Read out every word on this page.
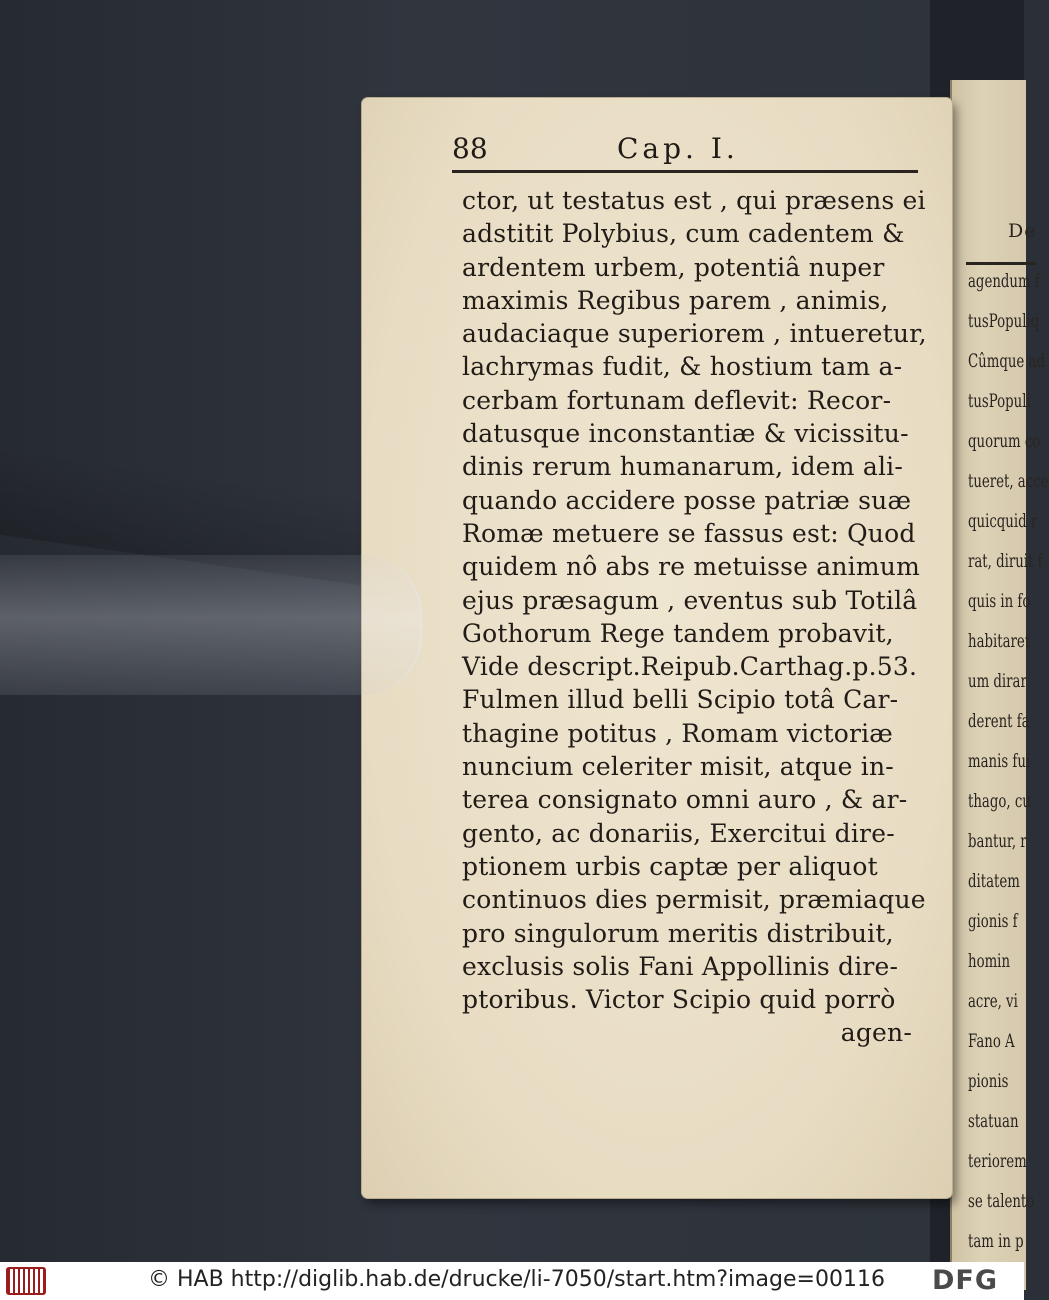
De
agendum f
tusPopuliq
Cûmque ad
tusPopuli
quorum co
tueret, acce
quicquid r
rat, diruit f
quis in fo
habitaret
um dirar
derent fa
manis fui
thago, cu
bantur, r
ditatem
gionis f
homin
acre, vi
Fano A
pionis
statuan
teriorem
se talento
tam in p
88	Cap. I.
ctor, ut testatus est , qui præsens ei
adstitit Polybius, cum cadentem &
ardentem urbem, potentiâ nuper
maximis Regibus parem , animis,
audaciaque superiorem , intueretur,
lachrymas fudit, & hostium tam a-
cerbam fortunam deflevit: Recor-
datusque inconstantiæ & vicissitu-
dinis rerum humanarum, idem ali-
quando accidere posse patriæ suæ
Romæ metuere se fassus est: Quod
quidem nô abs re metuisse animum
ejus præsagum , eventus sub Totilâ
Gothorum Rege tandem probavit,
Vide descript.Reipub.Carthag.p.53.
Fulmen illud belli Scipio totâ Car-
thagine potitus , Romam victoriæ
nuncium celeriter misit, atque in-
terea consignato omni auro , & ar-
gento, ac donariis, Exercitui dire-
ptionem urbis captæ per aliquot
continuos dies permisit, præmiaque
pro singulorum meritis distribuit,
exclusis solis Fani Appollinis dire-
ptoribus. Victor Scipio quid porrò
agen-
© HAB http://diglib.hab.de/drucke/li-7050/start.htm?image=00116 DFG
